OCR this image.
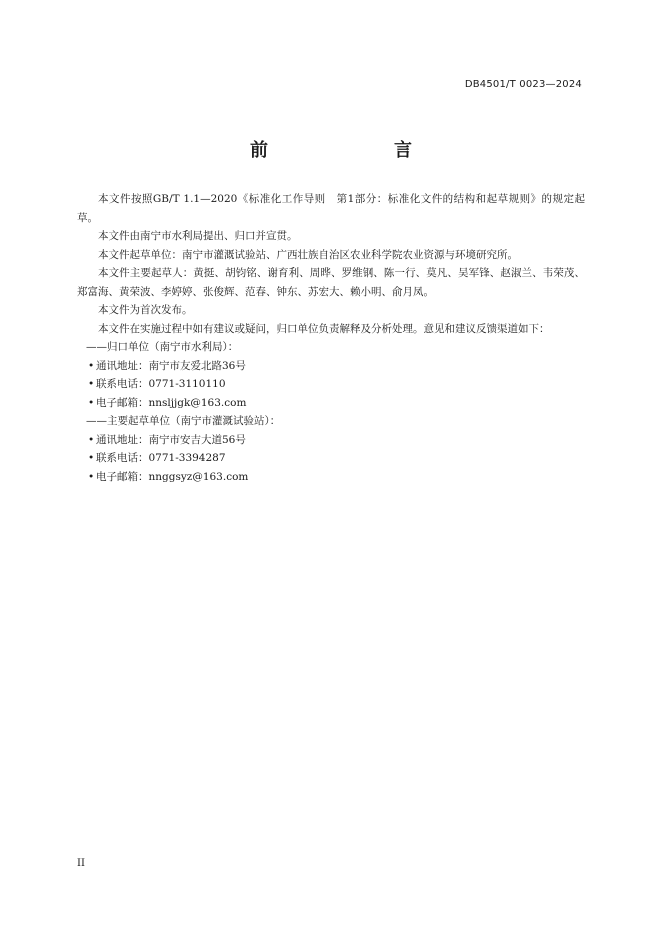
DB4501/T 0023—2024
前　　言

本文件按照GB/T 1.1—2020《标准化工作导则　第1部分：标准化文件的结构和起草规则》的规定起草。

本文件由南宁市水利局提出、归口并宣贯。

本文件起草单位：南宁市灌溉试验站、广西壮族自治区农业科学院农业资源与环境研究所。

本文件主要起草人：黄挺、胡钧铭、谢育利、周晔、罗维钢、陈一行、莫凡、吴军锋、赵淑兰、韦荣茂、郑富海、黄荣波、李婷婷、张俊辉、范春、钟东、苏宏大、赖小明、俞月凤。

本文件为首次发布。

本文件在实施过程中如有建议或疑问，归口单位负责解释及分析处理。意见和建议反馈渠道如下：

——归口单位（南宁市水利局）：

• 通讯地址：南宁市友爱北路36号

• 联系电话：0771-3110110

• 电子邮箱：nnsljjgk@163.com

——主要起草单位（南宁市灌溉试验站）：

• 通讯地址：南宁市安吉大道56号

• 联系电话：0771-3394287

• 电子邮箱：nnggsyz@163.com

II
